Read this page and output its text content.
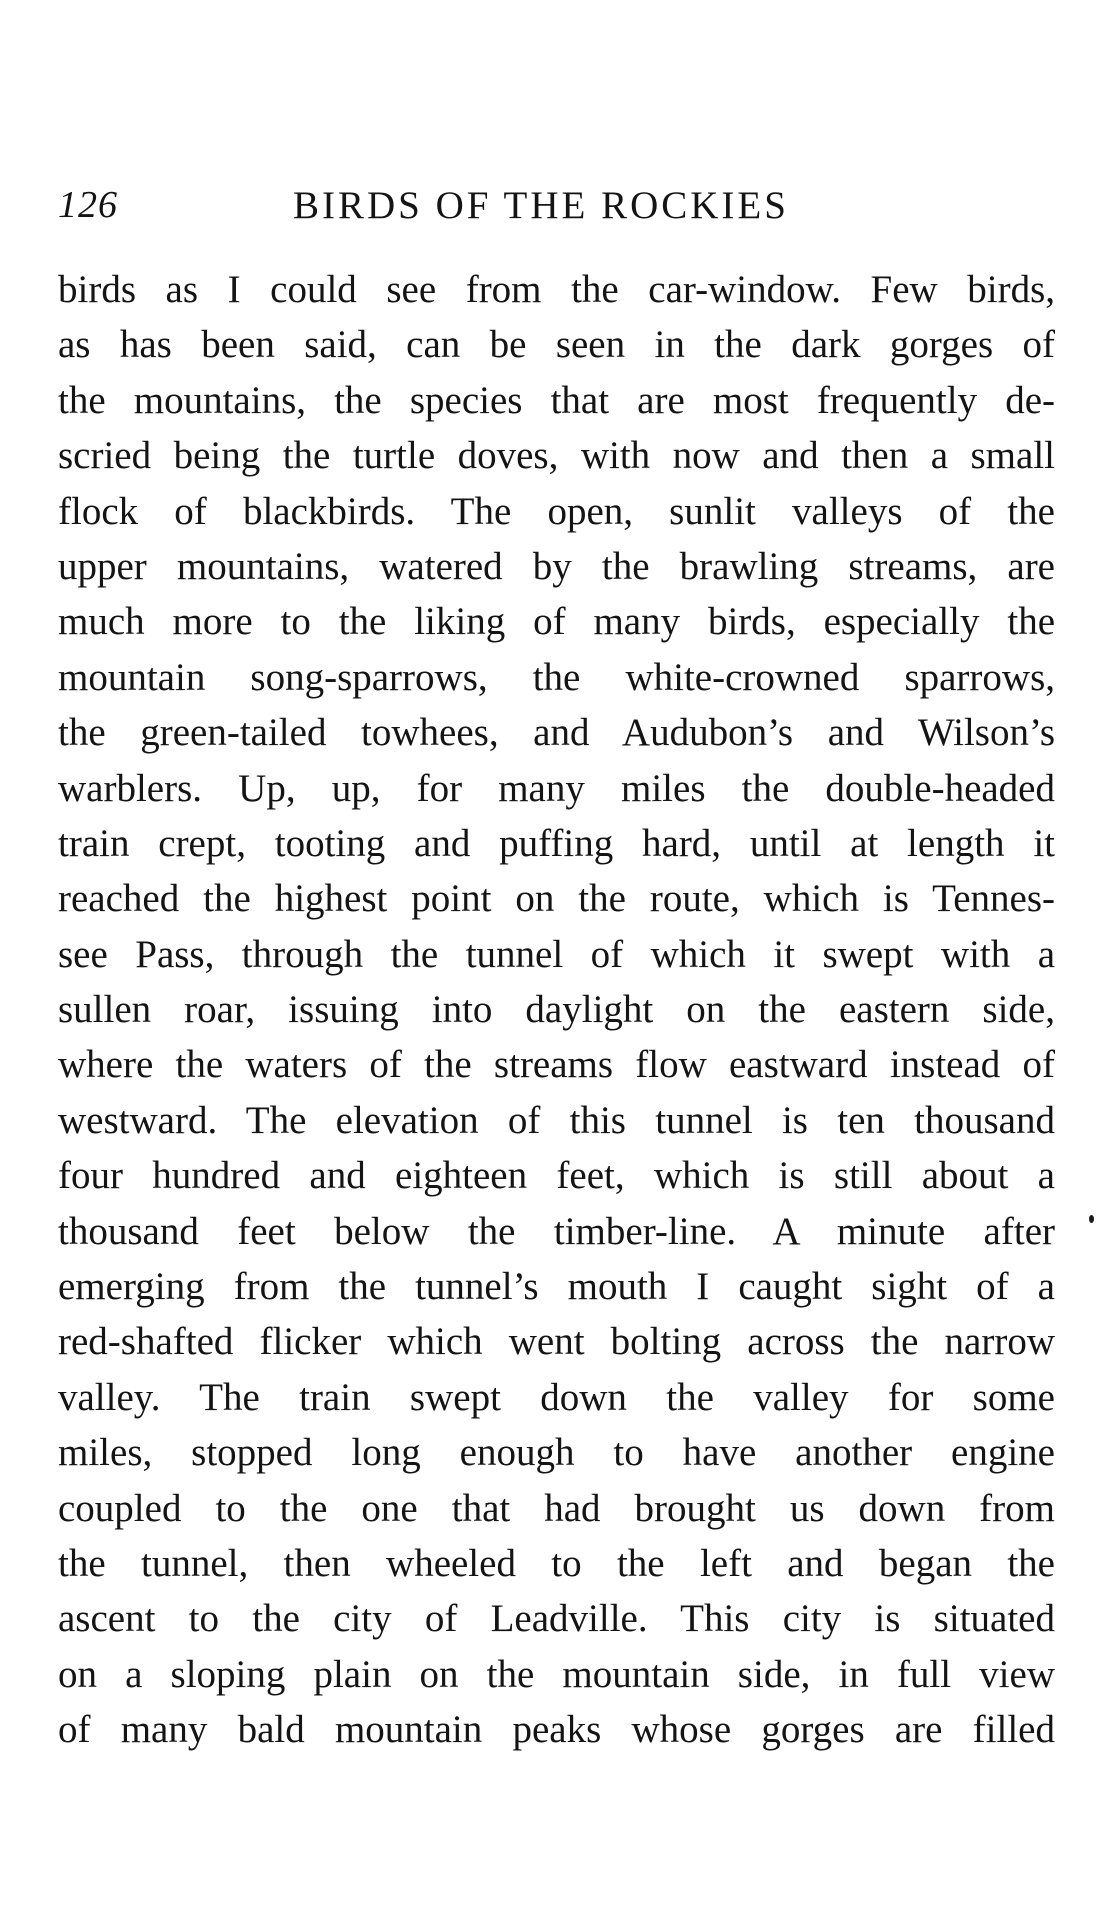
126	BIRDS OF THE ROCKIES
birds as I could see from the car-window. Few birds,
as has been said, can be seen in the dark gorges of
the mountains, the species that are most frequently de-
scried being the turtle doves, with now and then a small
flock of blackbirds. The open, sunlit valleys of the
upper mountains, watered by the brawling streams, are
much more to the liking of many birds, especially the
mountain song-sparrows, the white-crowned sparrows,
the green-tailed towhees, and Audubon’s and Wilson’s
warblers. Up, up, for many miles the double-headed
train crept, tooting and puffing hard, until at length it
reached the highest point on the route, which is Tennes-
see Pass, through the tunnel of which it swept with a
sullen roar, issuing into daylight on the eastern side,
where the waters of the streams flow eastward instead of
westward. The elevation of this tunnel is ten thousand
four hundred and eighteen feet, which is still about a
thousand feet below the timber-line. A minute after
emerging from the tunnel’s mouth I caught sight of a
red-shafted flicker which went bolting across the narrow
valley. The train swept down the valley for some
miles, stopped long enough to have another engine
coupled to the one that had brought us down from
the tunnel, then wheeled to the left and began the
ascent to the city of Leadville. This city is situated
on a sloping plain on the mountain side, in full view
of many bald mountain peaks whose gorges are filled
